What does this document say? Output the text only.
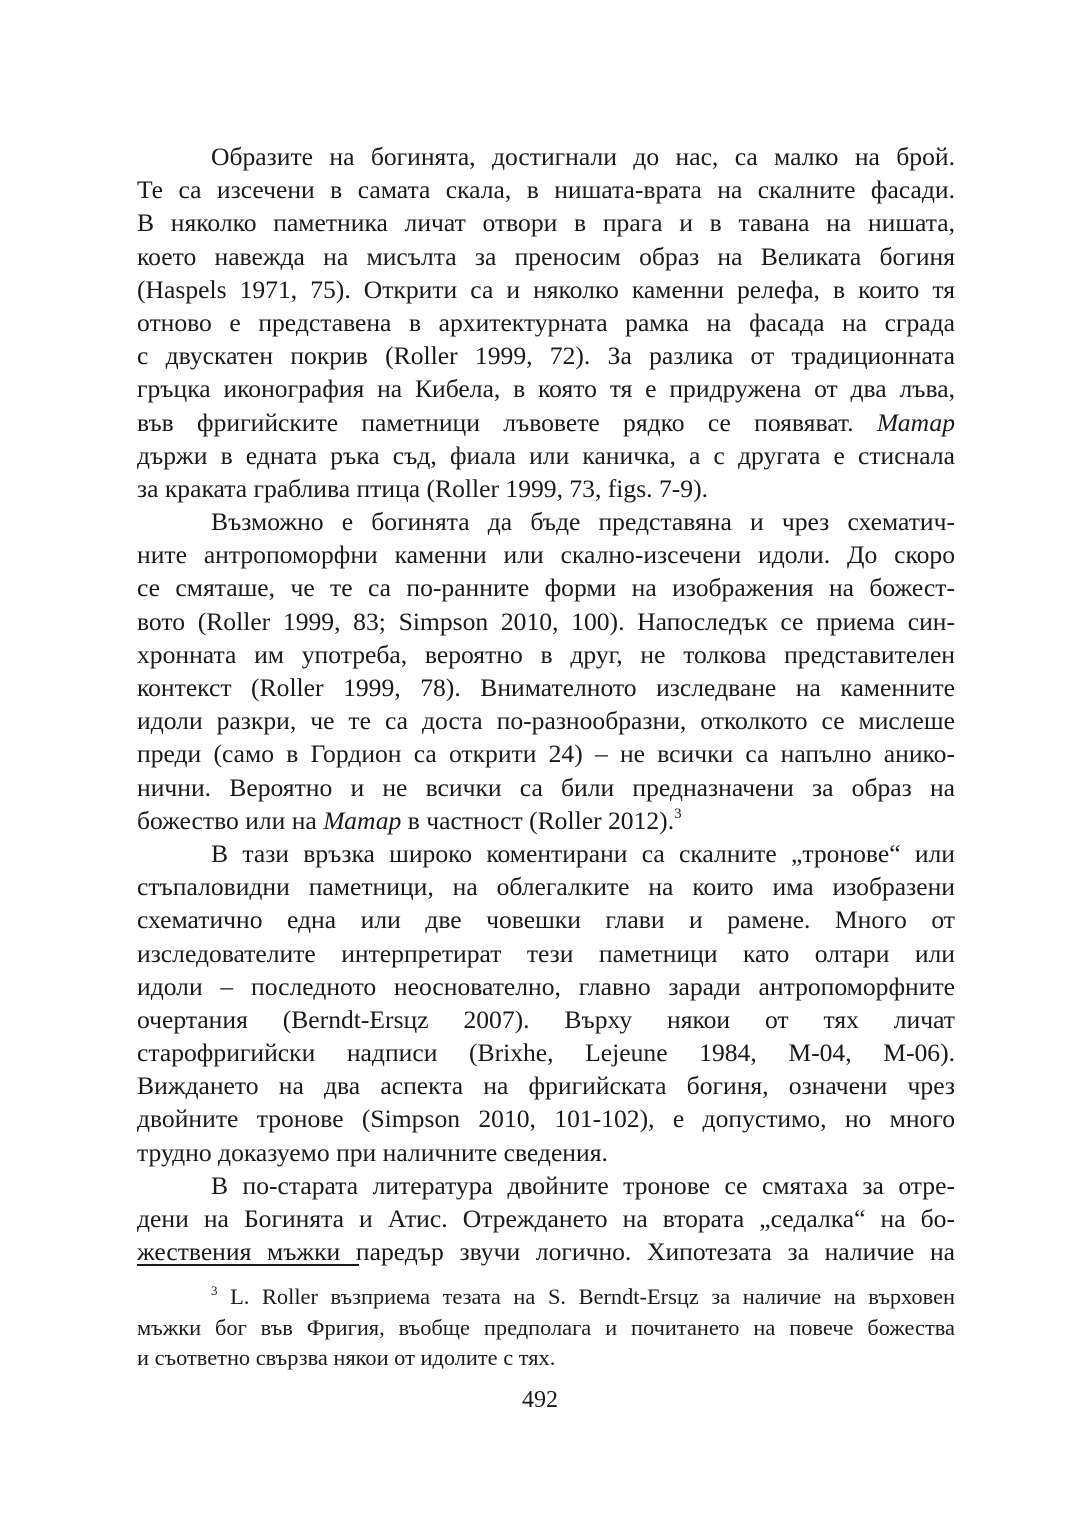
Образите на богинята, достигнали до нас, са малко на брой.
Те са изсечени в самата скала, в нишата-врата на скалните фасади.
В няколко паметника личат отвори в прага и в тавана на нишата,
което навежда на мисълта за преносим образ на Великата богиня
(Haspels 1971, 75). Открити са и няколко каменни релефа, в които тя
отново е представена в архитектурната рамка на фасада на сграда
с двускатен покрив (Roller 1999, 72). За разлика от традиционната
гръцка иконография на Кибела, в която тя е придружена от два лъва,
във фригийските паметници лъвовете рядко се появяват. Матар
държи в едната ръка съд, фиала или каничка, а с другата е стиснала
за краката граблива птица (Roller 1999, 73, figs. 7-9).
Възможно е богинята да бъде представяна и чрез схематич-
ните антропоморфни каменни или скално-изсечени идоли. До скоро
се смяташе, че те са по-ранните форми на изображения на божест-
вото (Roller 1999, 83; Simpson 2010, 100). Напоследък се приема син-
хронната им употреба, вероятно в друг, не толкова представителен
контекст (Roller 1999, 78). Внимателното изследване на каменните
идоли разкри, че те са доста по-разнообразни, отколкото се мислеше
преди (само в Гордион са открити 24) – не всички са напълно анико-
нични. Вероятно и не всички са били предназначени за образ на
божество или на Матар в частност (Roller 2012).$^3$
В тази връзка широко коментирани са скалните „тронове“ или
стъпаловидни паметници, на облегалките на които има изобразени
схематично една или две човешки глави и рамене. Много от
изследователите интерпретират тези паметници като олтари или
идоли – последното неоснователно, главно заради антропоморфните
очертания (Berndt-Ersцz 2007). Върху някои от тях личат
старофригийски надписи (Brixhe, Lejeune 1984, M-04, M-06).
Виждането на два аспекта на фригийската богиня, означени чрез
двойните тронове (Simpson 2010, 101-102), е допустимо, но много
трудно доказуемо при наличните сведения.
В по-старата литература двойните тронове се смятаха за отре-
дени на Богинята и Атис. Отреждането на втората „седалка“ на бо-
жествения мъжки паредър звучи логично. Хипотезата за наличие на
$^3$ L. Roller възприема тезата на S. Berndt-Ersцz за наличие на върховен
мъжки бог във Фригия, въобще предполага и почитането на повече божества
и съответно свързва някои от идолите с тях.
492
